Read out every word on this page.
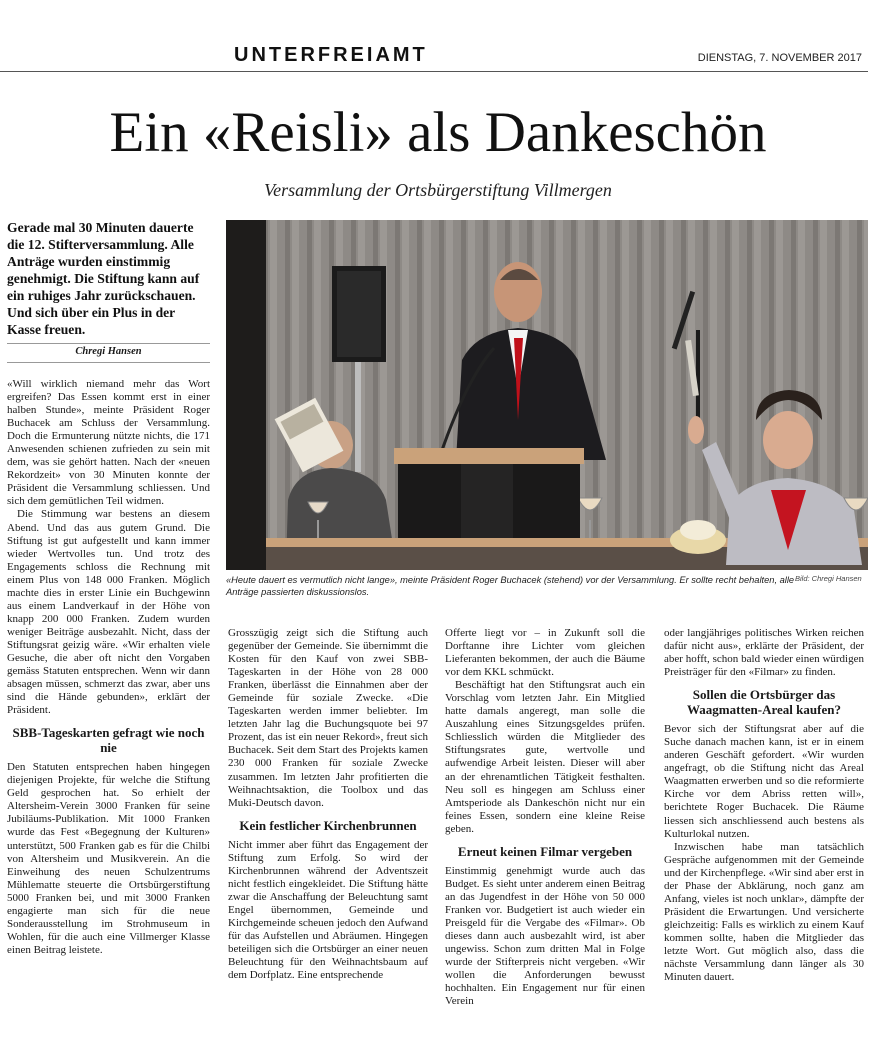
UNTERFREIAMT	DIENSTAG, 7. NOVEMBER 2017
Ein «Reisli» als Dankeschön
Versammlung der Ortsbürgerstiftung Villmergen
Gerade mal 30 Minuten dauerte die 12. Stifterversammlung. Alle Anträge wurden einstimmig genehmigt. Die Stiftung kann auf ein ruhiges Jahr zurückschauen. Und sich über ein Plus in der Kasse freuen.
Chregi Hansen

«Will wirklich niemand mehr das Wort ergreifen? Das Essen kommt erst in einer halben Stunde», meinte Präsident Roger Buchacek am Schluss der Versammlung. Doch die Ermunterung nützte nichts, die 171 Anwesenden schienen zufrieden zu sein mit dem, was sie gehört hatten. Nach der «neuen Rekordzeit» von 30 Minuten konnte der Präsident die Versammlung schliessen. Und sich dem gemütlichen Teil widmen.

Die Stimmung war bestens an diesem Abend. Und das aus gutem Grund. Die Stiftung ist gut aufgestellt und kann immer wieder Wertvolles tun. Und trotz des Engagements schloss die Rechnung mit einem Plus von 148 000 Franken. Möglich machte dies in erster Linie ein Buchgewinn aus einem Landverkauf in der Höhe von knapp 200 000 Franken. Zudem wurden weniger Beiträge ausbezahlt. Nicht, dass der Stiftungsrat geizig wäre. «Wir erhalten viele Gesuche, die aber oft nicht den Vorgaben gemäss Statuten entsprechen. Wenn wir dann absagen müssen, schmerzt das zwar, aber uns sind die Hände gebunden», erklärt der Präsident.

SBB-Tageskarten gefragt wie noch nie

Den Statuten entsprechen haben hingegen diejenigen Projekte, für welche die Stiftung Geld gesprochen hat. So erhielt der Altersheim-Verein 3000 Franken für seine Jubiläums-Publikation. Mit 1000 Franken wurde das Fest «Begegnung der Kulturen» unterstützt, 500 Franken gab es für die Chilbi von Altersheim und Musikverein. An die Einweihung des neuen Schulzentrums Mühlematte steuerte die Ortsbürgerstiftung 5000 Franken bei, und mit 3000 Franken engagierte man sich für die neue Sonderausstellung im Strohmuseum in Wohlen, für die auch eine Villmerger Klasse einen Beitrag leistete.

«Heute dauert es vermutlich nicht lange», meinte Präsident Roger Buchacek (stehend) vor der Versammlung. Er sollte recht behalten, alle Anträge passierten diskussionslos.
Bild: Chregi Hansen

Grosszügig zeigt sich die Stiftung auch gegenüber der Gemeinde. Sie übernimmt die Kosten für den Kauf von zwei SBB-Tageskarten in der Höhe von 28 000 Franken, überlässt die Einnahmen aber der Gemeinde für soziale Zwecke. «Die Tageskarten werden immer beliebter. Im letzten Jahr lag die Buchungsquote bei 97 Prozent, das ist ein neuer Rekord», freut sich Buchacek. Seit dem Start des Projekts kamen 230 000 Franken für soziale Zwecke zusammen. Im letzten Jahr profitierten die Weihnachtsaktion, die Toolbox und das Muki-Deutsch davon.

Kein festlicher Kirchenbrunnen

Nicht immer aber führt das Engagement der Stiftung zum Erfolg. So wird der Kirchenbrunnen während der Adventszeit nicht festlich eingekleidet. Die Stiftung hätte zwar die Anschaffung der Beleuchtung samt Engel übernommen, Gemeinde und Kirchgemeinde scheuen jedoch den Aufwand für das Aufstellen und Abräumen. Hingegen beteiligen sich die Ortsbürger an einer neuen Beleuchtung für den Weihnachtsbaum auf dem Dorfplatz. Eine entsprechende

Offerte liegt vor – in Zukunft soll die Dorftanne ihre Lichter vom gleichen Lieferanten bekommen, der auch die Bäume vor dem KKL schmückt.

Beschäftigt hat den Stiftungsrat auch ein Vorschlag vom letzten Jahr. Ein Mitglied hatte damals angeregt, man solle die Auszahlung eines Sitzungsgeldes prüfen. Schliesslich würden die Mitglieder des Stiftungsrates gute, wertvolle und aufwendige Arbeit leisten. Dieser will aber an der ehrenamtlichen Tätigkeit festhalten. Neu soll es hingegen am Schluss einer Amtsperiode als Dankeschön nicht nur ein feines Essen, sondern eine kleine Reise geben.

Erneut keinen Filmar vergeben

Einstimmig genehmigt wurde auch das Budget. Es sieht unter anderem einen Beitrag an das Jugendfest in der Höhe von 50 000 Franken vor. Budgetiert ist auch wieder ein Preisgeld für die Vergabe des «Filmar». Ob dieses dann auch ausbezahlt wird, ist aber ungewiss. Schon zum dritten Mal in Folge wurde der Stifterpreis nicht vergeben. «Wir wollen die Anforderungen bewusst hochhalten. Ein Engagement nur für einen Verein

oder langjähriges politisches Wirken reichen dafür nicht aus», erklärte der Präsident, der aber hofft, schon bald wieder einen würdigen Preisträger für den «Filmar» zu finden.

Sollen die Ortsbürger das Waagmatten-Areal kaufen?

Bevor sich der Stiftungsrat aber auf die Suche danach machen kann, ist er in einem anderen Geschäft gefordert. «Wir wurden angefragt, ob die Stiftung nicht das Areal Waagmatten erwerben und so die reformierte Kirche vor dem Abriss retten will», berichtete Roger Buchacek. Die Räume liessen sich anschliessend auch bestens als Kulturlokal nutzen.

Inzwischen habe man tatsächlich Gespräche aufgenommen mit der Gemeinde und der Kirchenpflege. «Wir sind aber erst in der Phase der Abklärung, noch ganz am Anfang, vieles ist noch unklar», dämpfte der Präsident die Erwartungen. Und versicherte gleichzeitig: Falls es wirklich zu einem Kauf kommen sollte, haben die Mitglieder das letzte Wort. Gut möglich also, dass die nächste Versammlung dann länger als 30 Minuten dauert.
